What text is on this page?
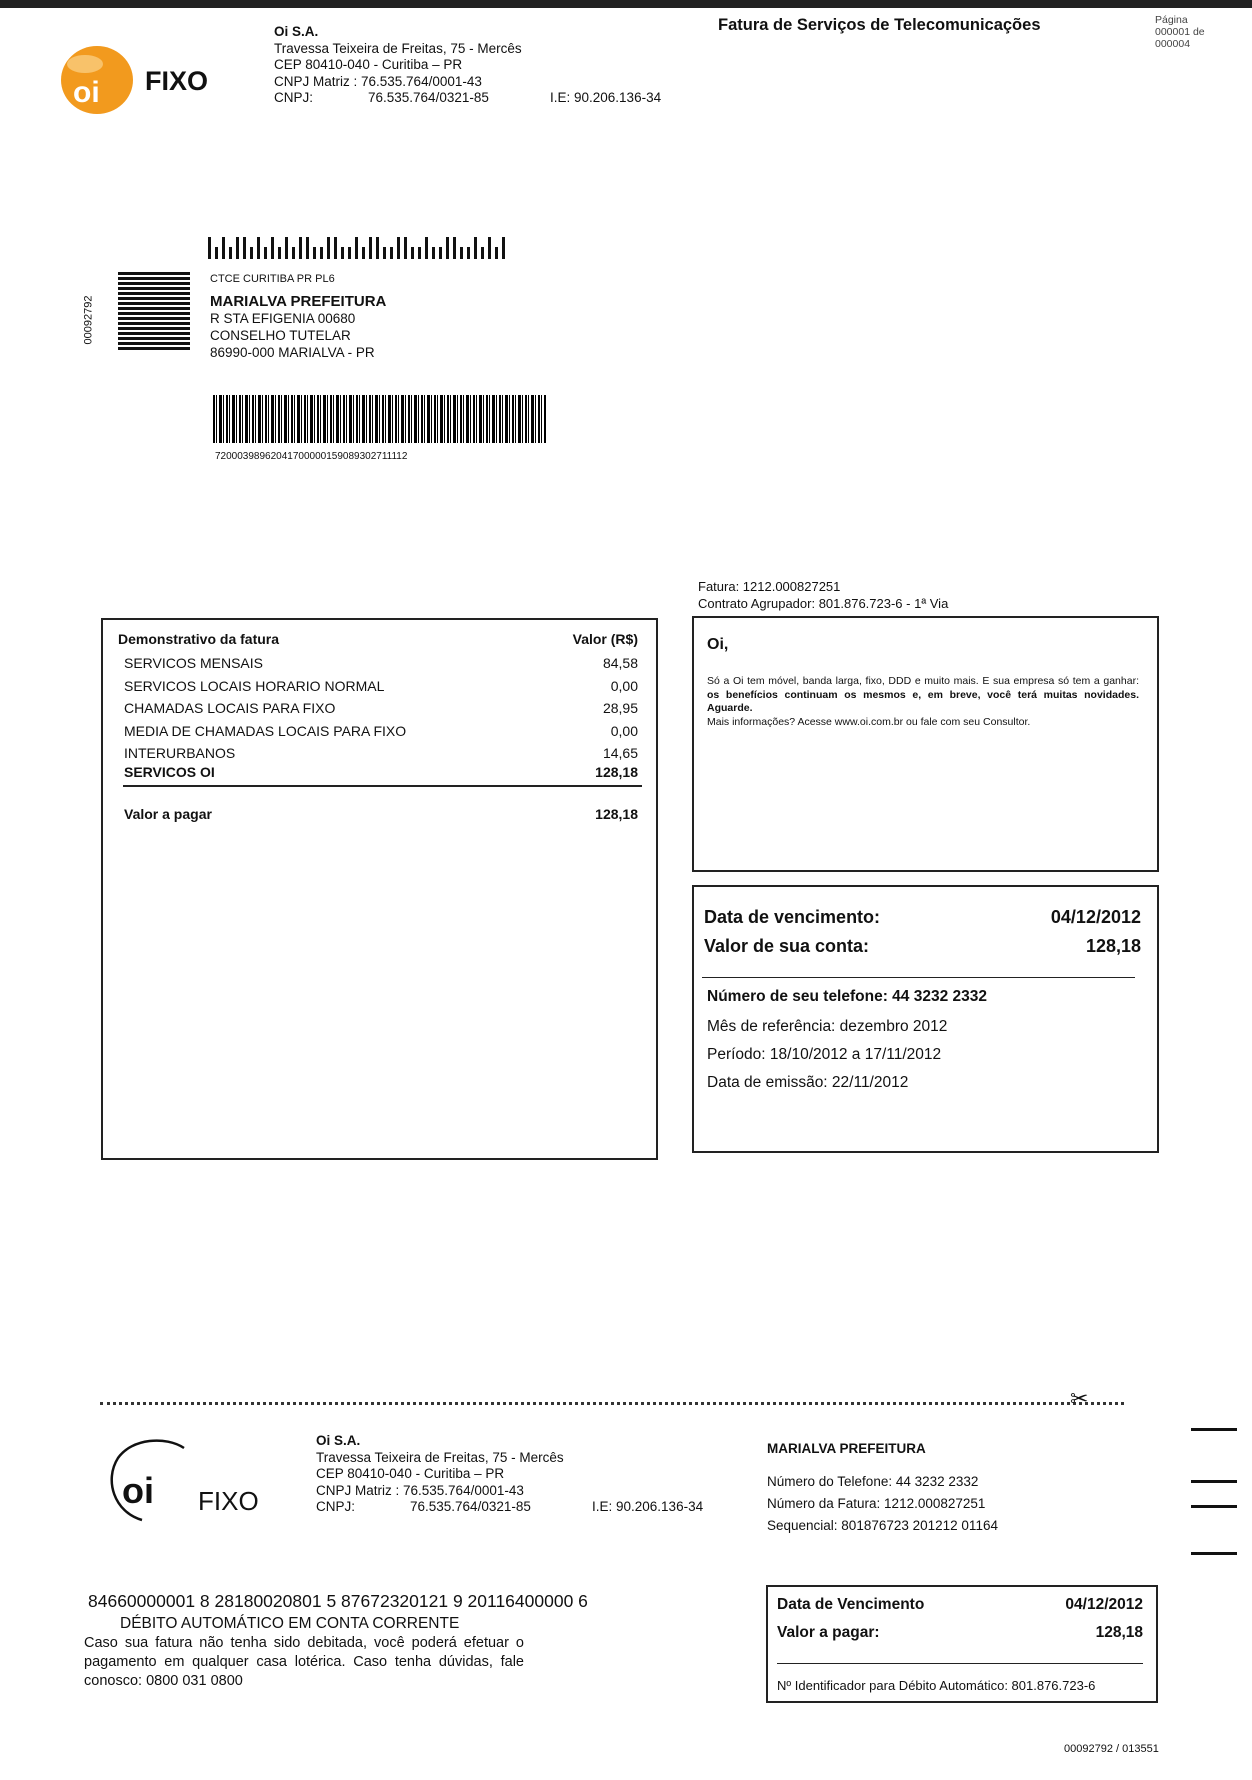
oi FIXO
Oi S.A.
Travessa Teixeira de Freitas, 75 - Mercês
CEP 80410-040 - Curitiba – PR
CNPJ Matriz : 76.535.764/0001-43
CNPJ:	76.535.764/0321-85	I.E: 90.206.136-34
Fatura de Serviços de Telecomunicações	Página
000001 de
000004
00092792
CTCE CURITIBA PR PL6
MARIALVA PREFEITURA
R STA EFIGENIA 00680
CONSELHO TUTELAR
86990-000 MARIALVA - PR
72000398962041700000159089302711112
Fatura: 1212.000827251
Contrato Agrupador: 801.876.723-6 - 1ª Via
Demonstrativo da fatura	Valor (R$)
SERVICOS MENSAIS	84,58
SERVICOS LOCAIS HORARIO NORMAL	0,00
CHAMADAS LOCAIS PARA FIXO	28,95
MEDIA DE CHAMADAS LOCAIS PARA FIXO	0,00
INTERURBANOS	14,65
SERVICOS OI	128,18
Valor a pagar	128,18
Oi,
Só a Oi tem móvel, banda larga, fixo, DDD e muito mais. E sua empresa só tem a ganhar: os benefícios continuam os mesmos e, em breve, você terá muitas novidades. Aguarde.
Mais informações? Acesse www.oi.com.br ou fale com seu Consultor.
Data de vencimento:	04/12/2012
Valor de sua conta:	128,18
Número de seu telefone: 44 3232 2332
Mês de referência: dezembro 2012
Período: 18/10/2012 a 17/11/2012
Data de emissão: 22/11/2012
✂
oi FIXO
Oi S.A.
Travessa Teixeira de Freitas, 75 - Mercês
CEP 80410-040 - Curitiba – PR
CNPJ Matriz : 76.535.764/0001-43
CNPJ:	76.535.764/0321-85	I.E: 90.206.136-34
MARIALVA PREFEITURA
Número do Telefone: 44 3232 2332
Número da Fatura: 1212.000827251
Sequencial: 801876723 201212 01164
84660000001 8 28180020801 5 87672320121 9 20116400000 6
DÉBITO AUTOMÁTICO EM CONTA CORRENTE
Caso sua fatura não tenha sido debitada, você poderá efetuar o pagamento em qualquer casa lotérica. Caso tenha dúvidas, fale conosco: 0800 031 0800
Data de Vencimento	04/12/2012
Valor a pagar:	128,18
Nº Identificador para Débito Automático: 801.876.723-6
00092792 / 013551
